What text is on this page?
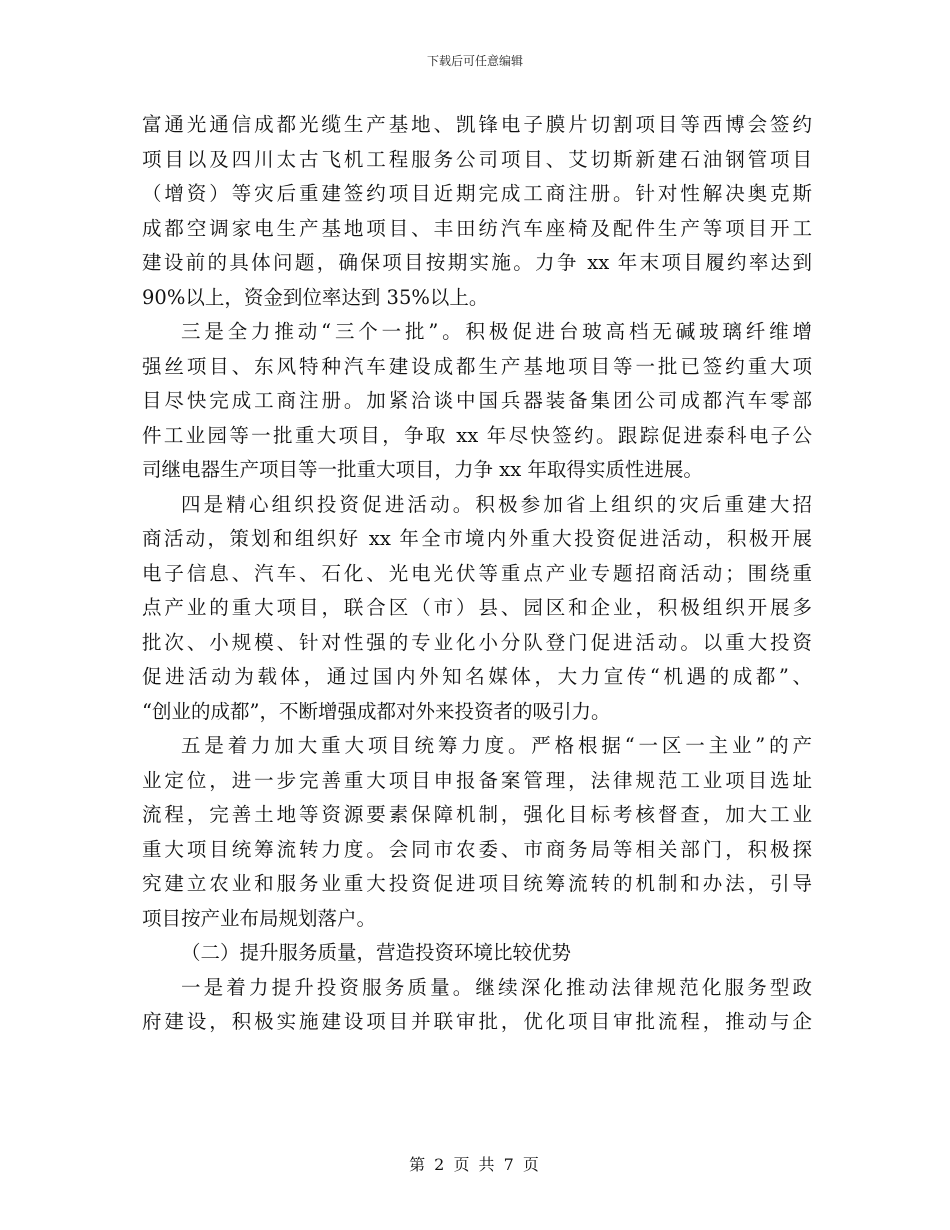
下载后可任意编辑
富通光通信成都光缆生产基地、凯锋电子膜片切割项目等西博会签约
项目以及四川太古飞机工程服务公司项目、艾切斯新建石油钢管项目
（增资）等灾后重建签约项目近期完成工商注册。针对性解决奥克斯
成都空调家电生产基地项目、丰田纺汽车座椅及配件生产等项目开工
建设前的具体问题，确保项目按期实施。力争 xx 年末项目履约率达到
90%以上，资金到位率达到 35%以上。
三是全力推动“三个一批”。积极促进台玻高档无碱玻璃纤维增
强丝项目、东风特种汽车建设成都生产基地项目等一批已签约重大项
目尽快完成工商注册。加紧洽谈中国兵器装备集团公司成都汽车零部
件工业园等一批重大项目，争取 xx 年尽快签约。跟踪促进泰科电子公
司继电器生产项目等一批重大项目，力争 xx 年取得实质性进展。
四是精心组织投资促进活动。积极参加省上组织的灾后重建大招
商活动，策划和组织好 xx 年全市境内外重大投资促进活动，积极开展
电子信息、汽车、石化、光电光伏等重点产业专题招商活动；围绕重
点产业的重大项目，联合区（市）县、园区和企业，积极组织开展多
批次、小规模、针对性强的专业化小分队登门促进活动。以重大投资
促进活动为载体，通过国内外知名媒体，大力宣传“机遇的成都”、
“创业的成都”，不断增强成都对外来投资者的吸引力。
五是着力加大重大项目统筹力度。严格根据“一区一主业”的产
业定位，进一步完善重大项目申报备案管理，法律规范工业项目选址
流程，完善土地等资源要素保障机制，强化目标考核督查，加大工业
重大项目统筹流转力度。会同市农委、市商务局等相关部门，积极探
究建立农业和服务业重大投资促进项目统筹流转的机制和办法，引导
项目按产业布局规划落户。
（二）提升服务质量，营造投资环境比较优势
一是着力提升投资服务质量。继续深化推动法律规范化服务型政
府建设，积极实施建设项目并联审批，优化项目审批流程，推动与企
第 2 页 共 7 页
